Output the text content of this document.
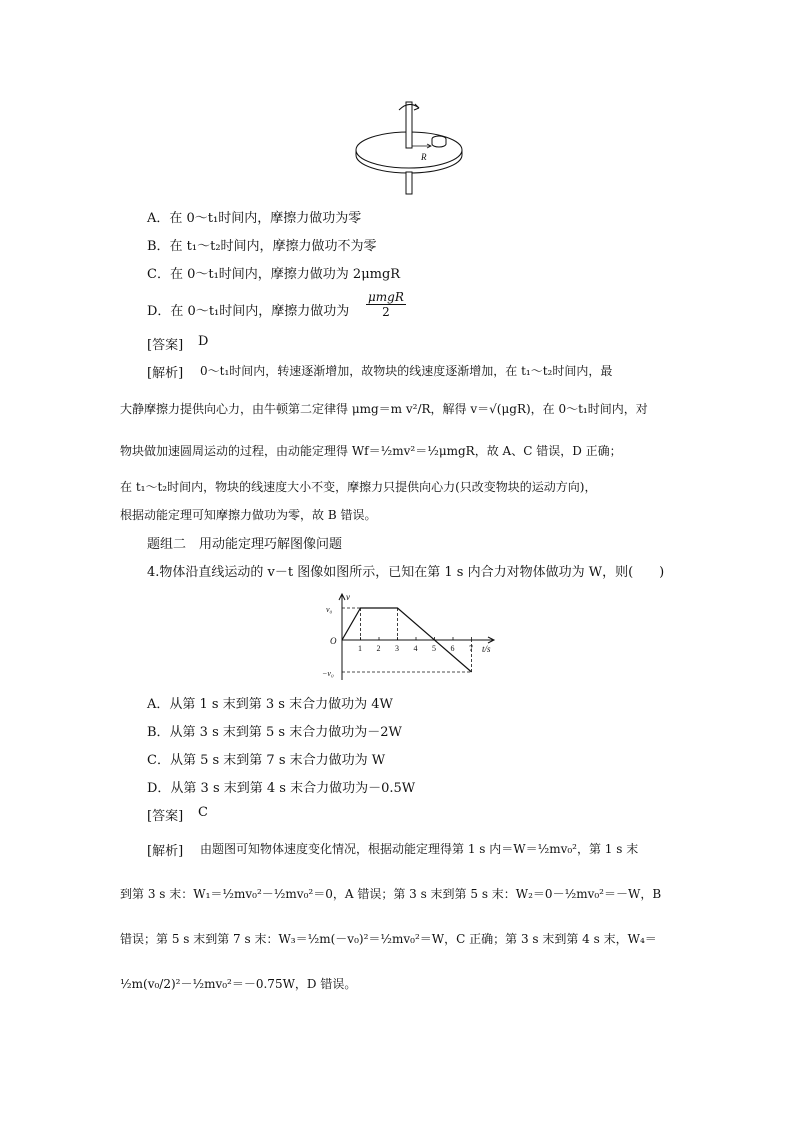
R
A．在 0～t₁时间内，摩擦力做功为零
B．在 t₁～t₂时间内，摩擦力做功不为零
C．在 0～t₁时间内，摩擦力做功为 2μmgR
D．在 0～t₁时间内，摩擦力做功为
μmgR
2
[答案] D
[解析] 0～t₁时间内，转速逐渐增加，故物块的线速度逐渐增加，在 t₁～t₂时间内，最
大静摩擦力提供向心力，由牛顿第二定律得 μmg＝m v²/R，解得 v＝√(μgR)，在 0～t₁时间内，对
物块做加速圆周运动的过程，由动能定理得 Wf＝½mv²＝½μmgR，故 A、C 错误，D 正确；
在 t₁～t₂时间内，物块的线速度大小不变，摩擦力只提供向心力(只改变物块的运动方向)，
根据动能定理可知摩擦力做功为零，故 B 错误。
题组二　用动能定理巧解图像问题
4.物体沿直线运动的 v－t 图像如图所示，已知在第 1 s 内合力对物体做功为 W，则(　　)
v
t/s
O
v₀
−v₀
1 2 3 4 5 6 7
A．从第 1 s 末到第 3 s 末合力做功为 4W
B．从第 3 s 末到第 5 s 末合力做功为－2W
C．从第 5 s 末到第 7 s 末合力做功为 W
D．从第 3 s 末到第 4 s 末合力做功为－0.5W
[答案] C
[解析] 由题图可知物体速度变化情况，根据动能定理得第 1 s 内＝W＝½mv₀²，第 1 s 末
到第 3 s 末：W₁＝½mv₀²－½mv₀²＝0，A 错误；第 3 s 末到第 5 s 末：W₂＝0－½mv₀²＝－W，B
错误；第 5 s 末到第 7 s 末：W₃＝½m(－v₀)²＝½mv₀²＝W，C 正确；第 3 s 末到第 4 s 末，W₄＝
½m(v₀/2)²－½mv₀²＝－0.75W，D 错误。
